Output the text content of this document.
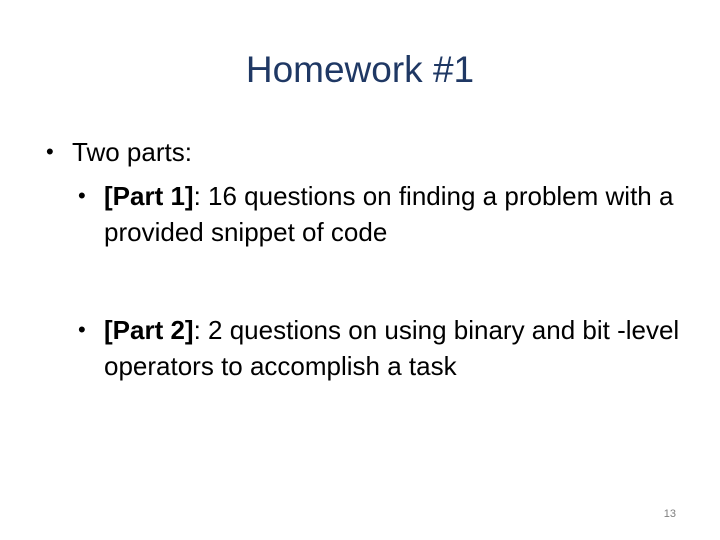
Homework #1
• Two parts:
• [Part 1]: 16 questions on finding a problem with a provided snippet of code
• [Part 2]: 2 questions on using binary and bit -level operators to accomplish a task
13
